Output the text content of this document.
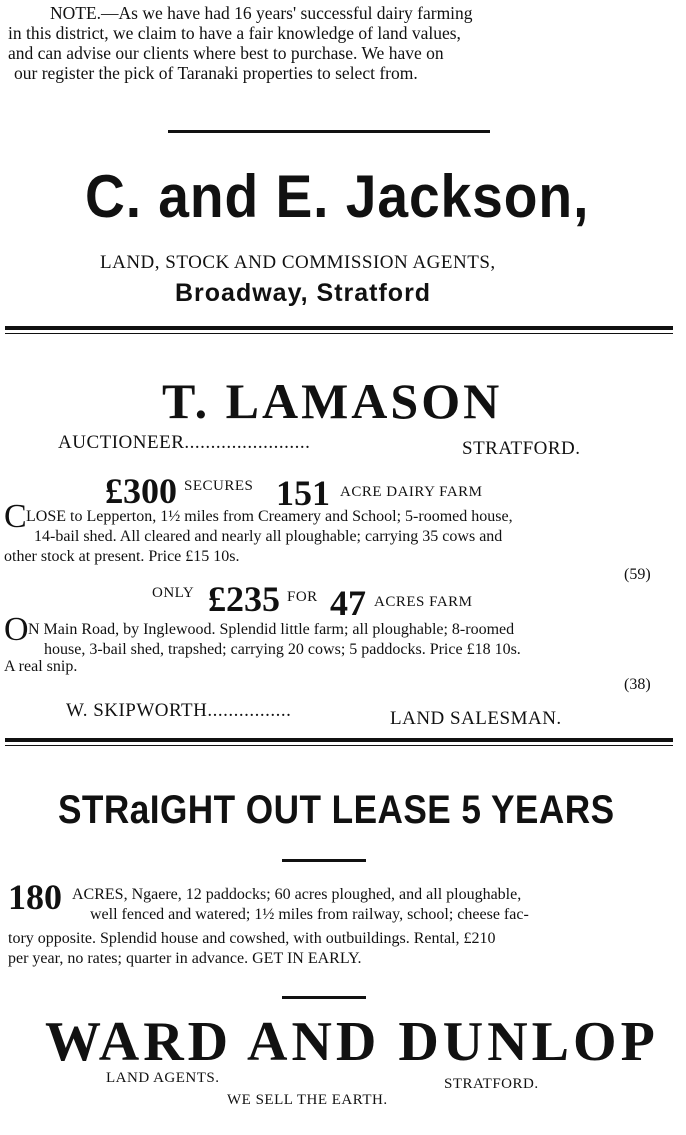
NOTE.—As we have had 16 years' successful dairy farming
in this district, we claim to have a fair knowledge of land values,
and can advise our clients where best to purchase. We have on
our register the pick of Taranaki properties to select from.
C. and E. Jackson,
LAND, STOCK AND COMMISSION AGENTS,
Broadway, Stratford
T. LAMASON
AUCTIONEER........................	STRATFORD.
£300 SECURES 151 ACRE DAIRY FARM
C LOSE to Lepperton, 1½ miles from Creamery and School; 5-roomed house,
14-bail shed. All cleared and nearly all ploughable; carrying 35 cows and
other stock at present. Price £15 10s.
(59)
ONLY £235 FOR 47 ACRES FARM
O N Main Road, by Inglewood. Splendid little farm; all ploughable; 8-roomed
house, 3-bail shed, trapshed; carrying 20 cows; 5 paddocks. Price £18 10s.
A real snip.
(38)
W. SKIPWORTH................	LAND SALESMAN.
STRaIGHT OUT LEASE 5 YEARS
180 ACRES, Ngaere, 12 paddocks; 60 acres ploughed, and all ploughable,
well fenced and watered; 1½ miles from railway, school; cheese fac-
tory opposite. Splendid house and cowshed, with outbuildings. Rental, £210
per year, no rates; quarter in advance. GET IN EARLY.
WARD AND DUNLOP
LAND AGENTS.	STRATFORD.
WE SELL THE EARTH.
